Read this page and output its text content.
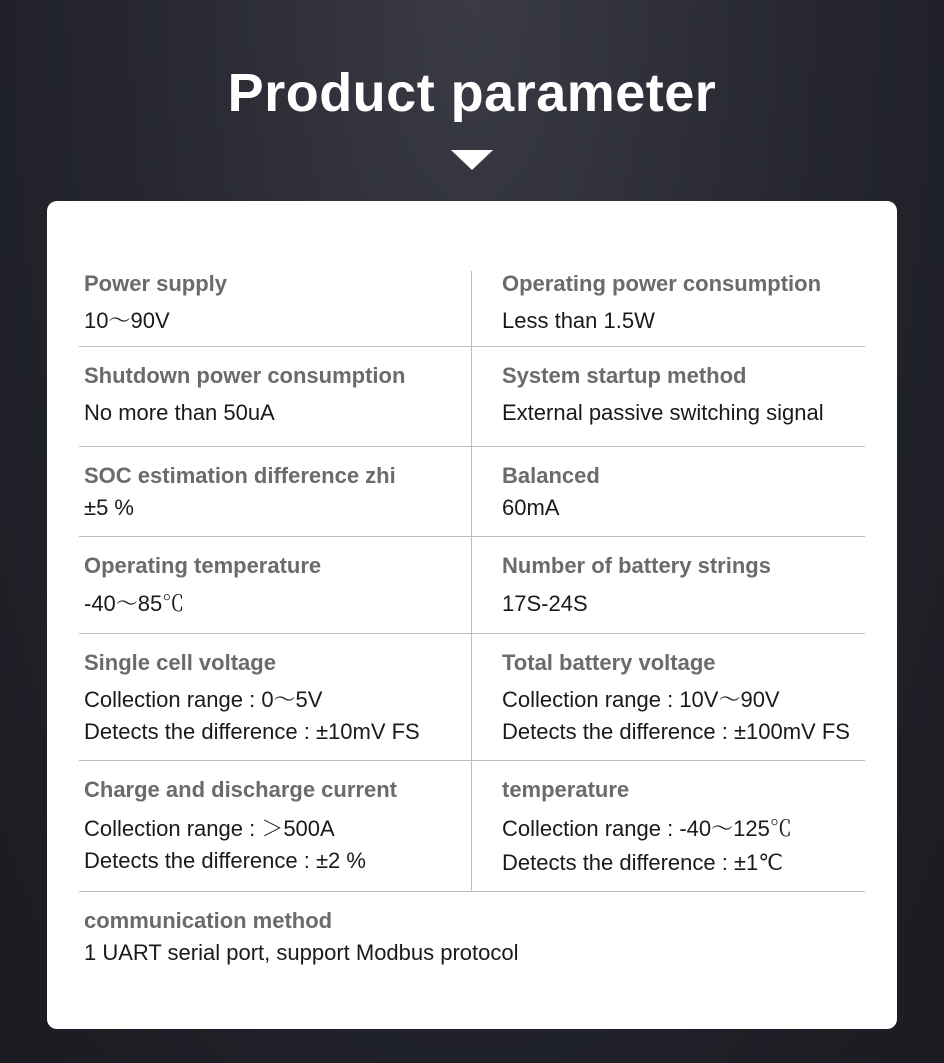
Product parameter
Power supply
10～90V
Operating power consumption
Less than 1.5W
Shutdown power consumption
No more than 50uA
System startup method
External passive switching signal
SOC estimation difference zhi
±5 %
Balanced
60mA
Operating temperature
-40～85℃
Number of battery strings
17S-24S
Single cell voltage
Collection range : 0～5V
Detects the difference : ±10mV FS
Total battery voltage
Collection range : 10V～90V
Detects the difference : ±100mV FS
Charge and discharge current
Collection range : ＞500A
Detects the difference : ±2 %
temperature
Collection range : -40～125℃
Detects the difference : ±1℃
communication method
1 UART serial port, support Modbus protocol
